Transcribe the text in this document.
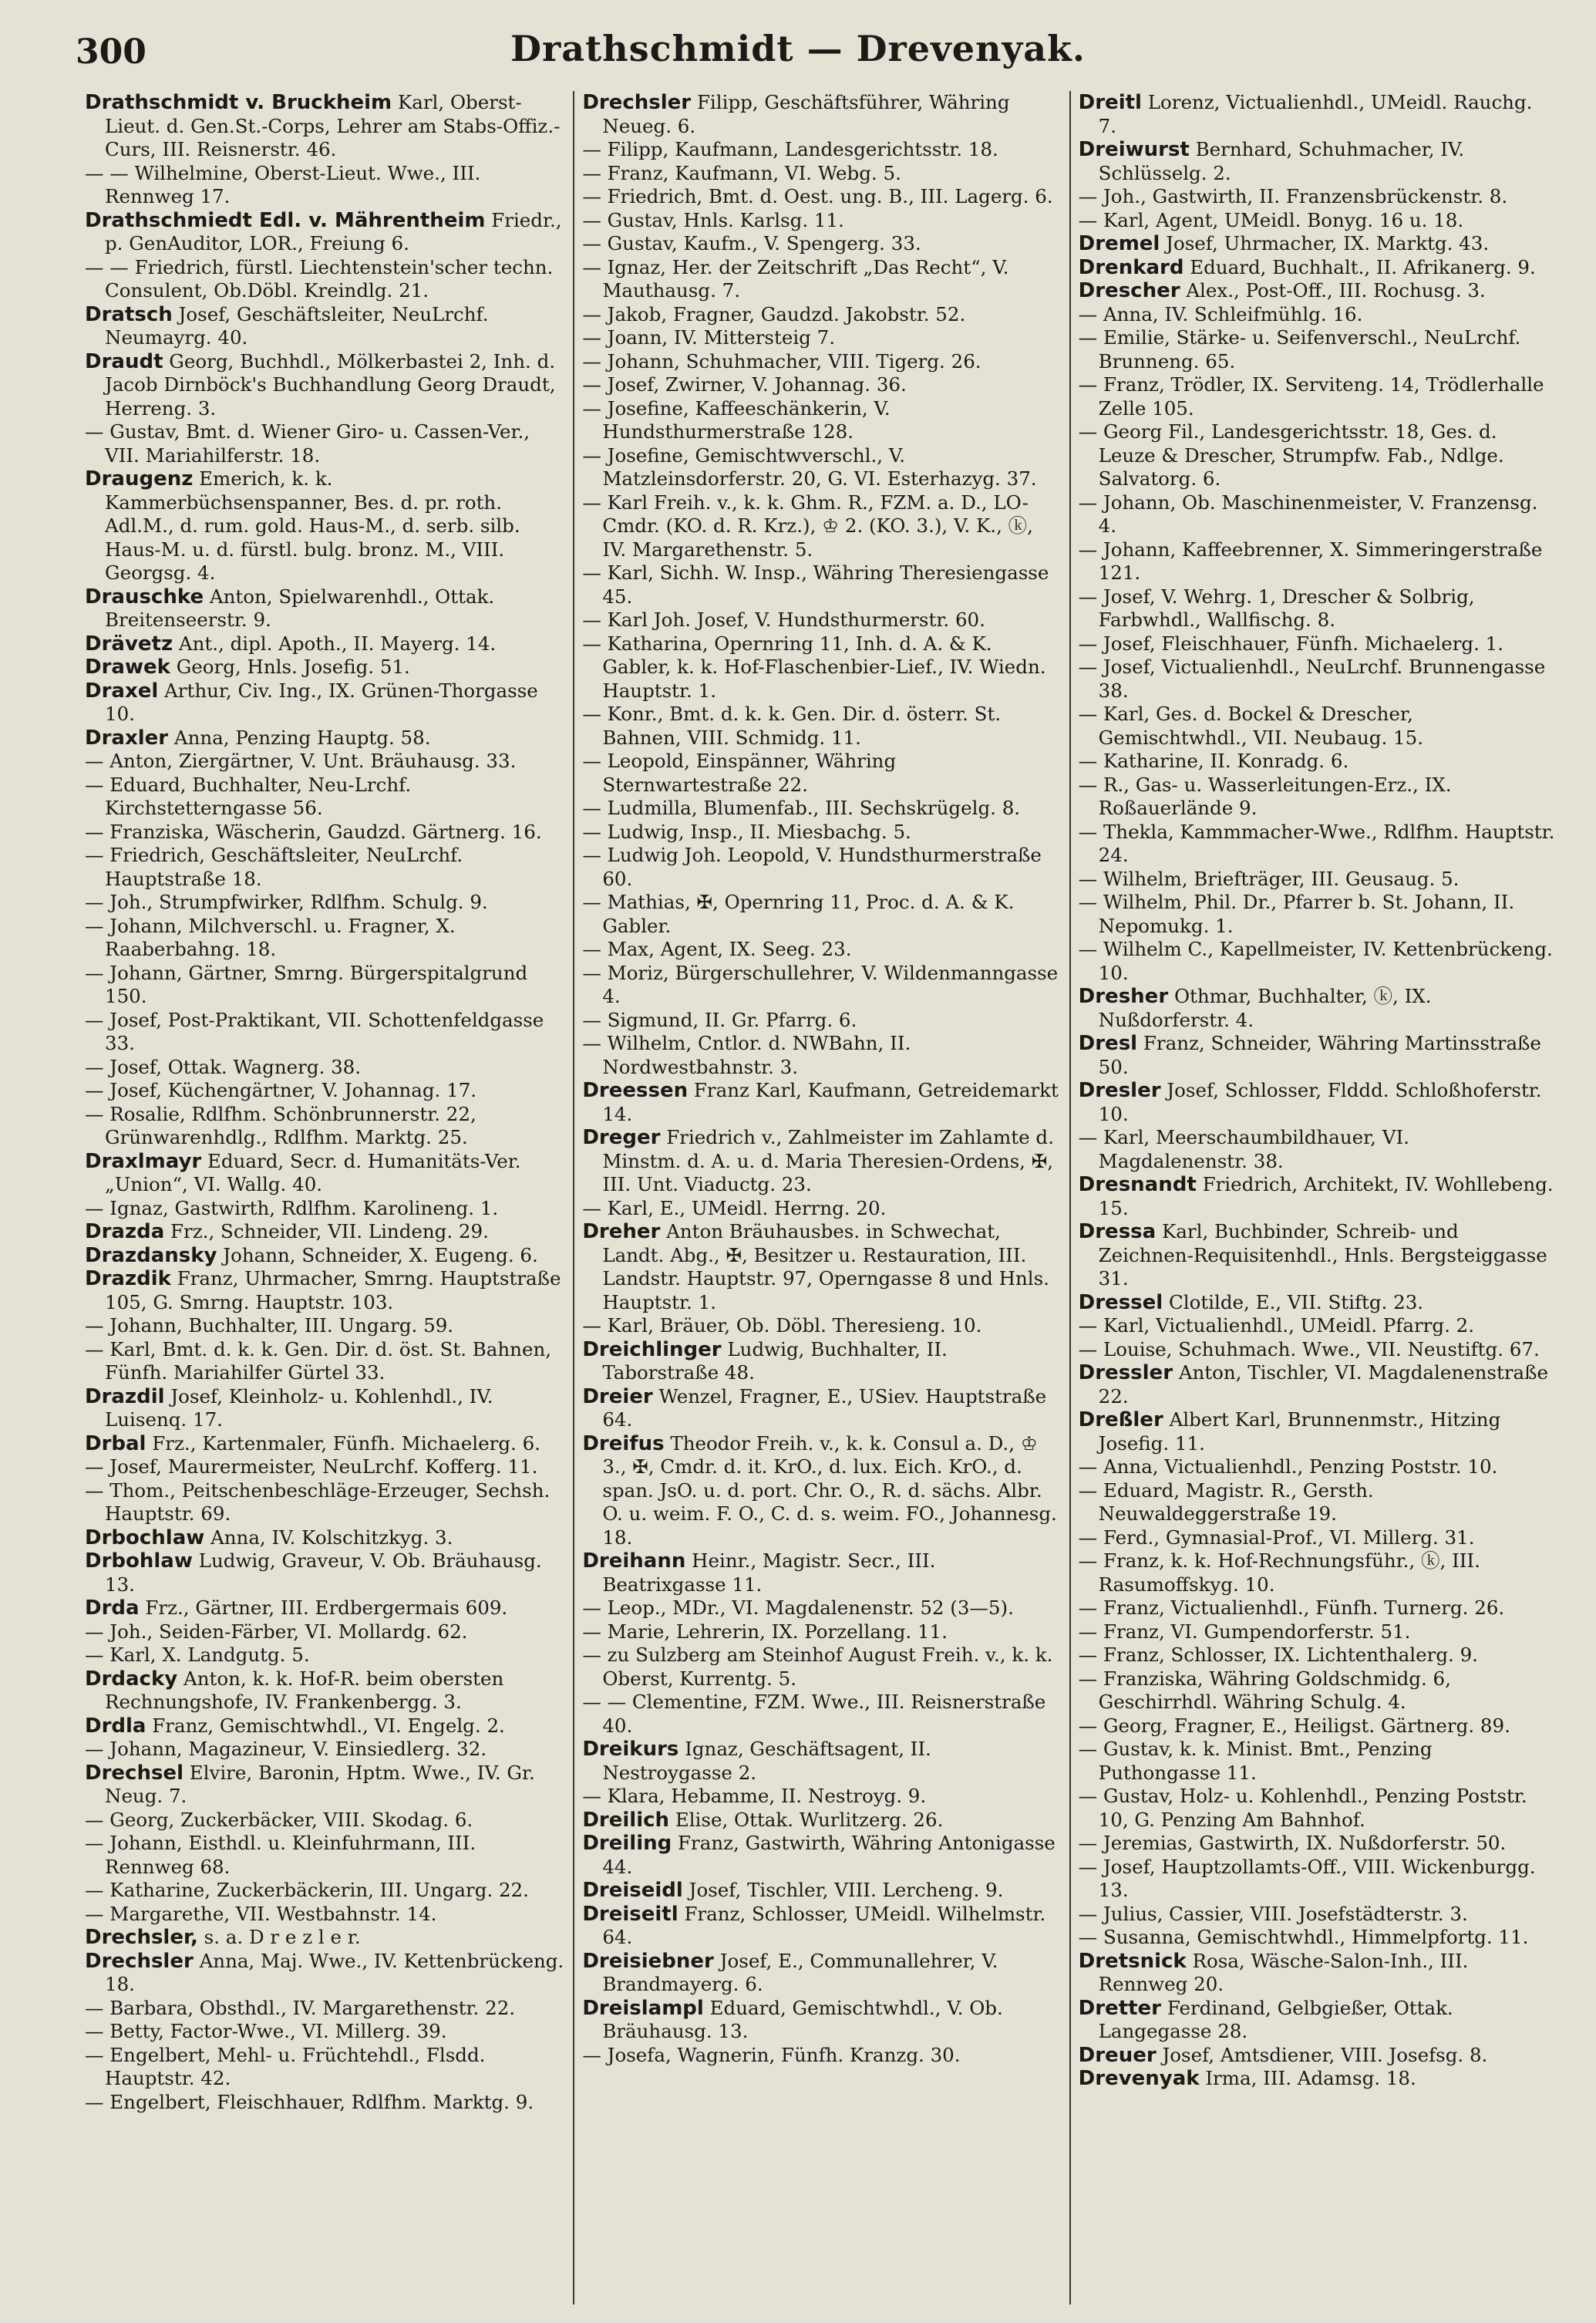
300	Drathschmidt — Drevenyak.

Drathschmidt v. Bruckheim Karl, Oberst-Lieut. d. Gen.St.-Corps, Lehrer am Stabs-Offiz.-Curs, III. Reisnerstr. 46.

— — Wilhelmine, Oberst-Lieut. Wwe., III. Rennweg 17.

Drathschmiedt Edl. v. Mährentheim Friedr., p. GenAuditor, LOR., Freiung 6.

— — Friedrich, fürstl. Liechtenstein'scher techn. Consulent, Ob.Döbl. Kreindlg. 21.

Dratsch Josef, Geschäftsleiter, NeuLrchf. Neumayrg. 40.

Draudt Georg, Buchhdl., Mölkerbastei 2, Inh. d. Jacob Dirnböck's Buchhandlung Georg Draudt, Herreng. 3.

— Gustav, Bmt. d. Wiener Giro- u. Cassen-Ver., VII. Mariahilferstr. 18.

Draugenz Emerich, k. k. Kammerbüchsenspanner, Bes. d. pr. roth. Adl.M., d. rum. gold. Haus-M., d. serb. silb. Haus-M. u. d. fürstl. bulg. bronz. M., VIII. Georgsg. 4.

Drauschke Anton, Spielwarenhdl., Ottak. Breitenseerstr. 9.

Drävetz Ant., dipl. Apoth., II. Mayerg. 14.

Drawek Georg, Hnls. Josefig. 51.

Draxel Arthur, Civ. Ing., IX. Grünen-Thorgasse 10.

Draxler Anna, Penzing Hauptg. 58.

— Anton, Ziergärtner, V. Unt. Bräuhausg. 33.

— Eduard, Buchhalter, Neu-Lrchf. Kirchstetterngasse 56.

— Franziska, Wäscherin, Gaudzd. Gärtnerg. 16.

— Friedrich, Geschäftsleiter, NeuLrchf. Hauptstraße 18.

— Joh., Strumpfwirker, Rdlfhm. Schulg. 9.

— Johann, Milchverschl. u. Fragner, X. Raaberbahng. 18.

— Johann, Gärtner, Smrng. Bürgerspitalgrund 150.

— Josef, Post-Praktikant, VII. Schottenfeldgasse 33.

— Josef, Ottak. Wagnerg. 38.

— Josef, Küchengärtner, V. Johannag. 17.

— Rosalie, Rdlfhm. Schönbrunnerstr. 22, Grünwarenhdlg., Rdlfhm. Marktg. 25.

Draxlmayr Eduard, Secr. d. Humanitäts-Ver. „Union“, VI. Wallg. 40.

— Ignaz, Gastwirth, Rdlfhm. Karolineng. 1.

Drazda Frz., Schneider, VII. Lindeng. 29.

Drazdansky Johann, Schneider, X. Eugeng. 6.

Drazdik Franz, Uhrmacher, Smrng. Hauptstraße 105, G. Smrng. Hauptstr. 103.

— Johann, Buchhalter, III. Ungarg. 59.

— Karl, Bmt. d. k. k. Gen. Dir. d. öst. St. Bahnen, Fünfh. Mariahilfer Gürtel 33.

Drazdil Josef, Kleinholz- u. Kohlenhdl., IV. Luisenq. 17.

Drbal Frz., Kartenmaler, Fünfh. Michaelerg. 6.

— Josef, Maurermeister, NeuLrchf. Kofferg. 11.

— Thom., Peitschenbeschläge-Erzeuger, Sechsh. Hauptstr. 69.

Drbochlaw Anna, IV. Kolschitzkyg. 3.

Drbohlaw Ludwig, Graveur, V. Ob. Bräuhausg. 13.

Drda Frz., Gärtner, III. Erdbergermais 609.

— Joh., Seiden-Färber, VI. Mollardg. 62.

— Karl, X. Landgutg. 5.

Drdacky Anton, k. k. Hof-R. beim obersten Rechnungshofe, IV. Frankenbergg. 3.

Drdla Franz, Gemischtwhdl., VI. Engelg. 2.

— Johann, Magazineur, V. Einsiedlerg. 32.

Drechsel Elvire, Baronin, Hptm. Wwe., IV. Gr. Neug. 7.

— Georg, Zuckerbäcker, VIII. Skodag. 6.

— Johann, Eisthdl. u. Kleinfuhrmann, III. Rennweg 68.

— Katharine, Zuckerbäckerin, III. Ungarg. 22.

— Margarethe, VII. Westbahnstr. 14.

Drechsler, s. a. D r e z l e r.

Drechsler Anna, Maj. Wwe., IV. Kettenbrückeng. 18.

— Barbara, Obsthdl., IV. Margarethenstr. 22.

— Betty, Factor-Wwe., VI. Millerg. 39.

— Engelbert, Mehl- u. Früchtehdl., Flsdd. Hauptstr. 42.

— Engelbert, Fleischhauer, Rdlfhm. Marktg. 9.

Drechsler Filipp, Geschäftsführer, Währing Neueg. 6.

— Filipp, Kaufmann, Landesgerichtsstr. 18.

— Franz, Kaufmann, VI. Webg. 5.

— Friedrich, Bmt. d. Oest. ung. B., III. Lagerg. 6.

— Gustav, Hnls. Karlsg. 11.

— Gustav, Kaufm., V. Spengerg. 33.

— Ignaz, Her. der Zeitschrift „Das Recht“, V. Mauthausg. 7.

— Jakob, Fragner, Gaudzd. Jakobstr. 52.

— Joann, IV. Mittersteig 7.

— Johann, Schuhmacher, VIII. Tigerg. 26.

— Josef, Zwirner, V. Johannag. 36.

— Josefine, Kaffeeschänkerin, V. Hundsthurmerstraße 128.

— Josefine, Gemischtwverschl., V. Matzleinsdorferstr. 20, G. VI. Esterhazyg. 37.

— Karl Freih. v., k. k. Ghm. R., FZM. a. D., LO-Cmdr. (KO. d. R. Krz.), ♔ 2. (KO. 3.), V. K., ⓚ, IV. Margarethenstr. 5.

— Karl, Sichh. W. Insp., Währing Theresiengasse 45.

— Karl Joh. Josef, V. Hundsthurmerstr. 60.

— Katharina, Opernring 11, Inh. d. A. & K. Gabler, k. k. Hof-Flaschenbier-Lief., IV. Wiedn. Hauptstr. 1.

— Konr., Bmt. d. k. k. Gen. Dir. d. österr. St. Bahnen, VIII. Schmidg. 11.

— Leopold, Einspänner, Währing Sternwartestraße 22.

— Ludmilla, Blumenfab., III. Sechskrügelg. 8.

— Ludwig, Insp., II. Miesbachg. 5.

— Ludwig Joh. Leopold, V. Hundsthurmerstraße 60.

— Mathias, ✠, Opernring 11, Proc. d. A. & K. Gabler.

— Max, Agent, IX. Seeg. 23.

— Moriz, Bürgerschullehrer, V. Wildenmanngasse 4.

— Sigmund, II. Gr. Pfarrg. 6.

— Wilhelm, Cntlor. d. NWBahn, II. Nordwestbahnstr. 3.

Dreessen Franz Karl, Kaufmann, Getreidemarkt 14.

Dreger Friedrich v., Zahlmeister im Zahlamte d. Minstm. d. A. u. d. Maria Theresien-Ordens, ✠, III. Unt. Viaductg. 23.

— Karl, E., UMeidl. Herrng. 20.

Dreher Anton Bräuhausbes. in Schwechat, Landt. Abg., ✠, Besitzer u. Restauration, III. Landstr. Hauptstr. 97, Operngasse 8 und Hnls. Hauptstr. 1.

— Karl, Bräuer, Ob. Döbl. Theresieng. 10.

Dreichlinger Ludwig, Buchhalter, II. Taborstraße 48.

Dreier Wenzel, Fragner, E., USiev. Hauptstraße 64.

Dreifus Theodor Freih. v., k. k. Consul a. D., ♔ 3., ✠, Cmdr. d. it. KrO., d. lux. Eich. KrO., d. span. JsO. u. d. port. Chr. O., R. d. sächs. Albr. O. u. weim. F. O., C. d. s. weim. FO., Johannesg. 18.

Dreihann Heinr., Magistr. Secr., III. Beatrixgasse 11.

— Leop., MDr., VI. Magdalenenstr. 52 (3—5).

— Marie, Lehrerin, IX. Porzellang. 11.

— zu Sulzberg am Steinhof August Freih. v., k. k. Oberst, Kurrentg. 5.

— — Clementine, FZM. Wwe., III. Reisnerstraße 40.

Dreikurs Ignaz, Geschäftsagent, II. Nestroygasse 2.

— Klara, Hebamme, II. Nestroyg. 9.

Dreilich Elise, Ottak. Wurlitzerg. 26.

Dreiling Franz, Gastwirth, Währing Antonigasse 44.

Dreiseidl Josef, Tischler, VIII. Lercheng. 9.

Dreiseitl Franz, Schlosser, UMeidl. Wilhelmstr. 64.

Dreisiebner Josef, E., Communallehrer, V. Brandmayerg. 6.

Dreislampl Eduard, Gemischtwhdl., V. Ob. Bräuhausg. 13.

— Josefa, Wagnerin, Fünfh. Kranzg. 30.

Dreitl Lorenz, Victualienhdl., UMeidl. Rauchg. 7.

Dreiwurst Bernhard, Schuhmacher, IV. Schlüsselg. 2.

— Joh., Gastwirth, II. Franzensbrückenstr. 8.

— Karl, Agent, UMeidl. Bonyg. 16 u. 18.

Dremel Josef, Uhrmacher, IX. Marktg. 43.

Drenkard Eduard, Buchhalt., II. Afrikanerg. 9.

Drescher Alex., Post-Off., III. Rochusg. 3.

— Anna, IV. Schleifmühlg. 16.

— Emilie, Stärke- u. Seifenverschl., NeuLrchf. Brunneng. 65.

— Franz, Trödler, IX. Serviteng. 14, Trödlerhalle Zelle 105.

— Georg Fil., Landesgerichtsstr. 18, Ges. d. Leuze & Drescher, Strumpfw. Fab., Ndlge. Salvatorg. 6.

— Johann, Ob. Maschinenmeister, V. Franzensg. 4.

— Johann, Kaffeebrenner, X. Simmeringerstraße 121.

— Josef, V. Wehrg. 1, Drescher & Solbrig, Farbwhdl., Wallfischg. 8.

— Josef, Fleischhauer, Fünfh. Michaelerg. 1.

— Josef, Victualienhdl., NeuLrchf. Brunnengasse 38.

— Karl, Ges. d. Bockel & Drescher, Gemischtwhdl., VII. Neubaug. 15.

— Katharine, II. Konradg. 6.

— R., Gas- u. Wasserleitungen-Erz., IX. Roßauerlände 9.

— Thekla, Kammmacher-Wwe., Rdlfhm. Hauptstr. 24.

— Wilhelm, Briefträger, III. Geusaug. 5.

— Wilhelm, Phil. Dr., Pfarrer b. St. Johann, II. Nepomukg. 1.

— Wilhelm C., Kapellmeister, IV. Kettenbrückeng. 10.

Dresher Othmar, Buchhalter, ⓚ, IX. Nußdorferstr. 4.

Dresl Franz, Schneider, Währing Martinsstraße 50.

Dresler Josef, Schlosser, Flddd. Schloßhoferstr. 10.

— Karl, Meerschaumbildhauer, VI. Magdalenenstr. 38.

Dresnandt Friedrich, Architekt, IV. Wohllebeng. 15.

Dressa Karl, Buchbinder, Schreib- und Zeichnen-Requisitenhdl., Hnls. Bergsteiggasse 31.

Dressel Clotilde, E., VII. Stiftg. 23.

— Karl, Victualienhdl., UMeidl. Pfarrg. 2.

— Louise, Schuhmach. Wwe., VII. Neustiftg. 67.

Dressler Anton, Tischler, VI. Magdalenenstraße 22.

Dreßler Albert Karl, Brunnenmstr., Hitzing Josefig. 11.

— Anna, Victualienhdl., Penzing Poststr. 10.

— Eduard, Magistr. R., Gersth. Neuwaldeggerstraße 19.

— Ferd., Gymnasial-Prof., VI. Millerg. 31.

— Franz, k. k. Hof-Rechnungsführ., ⓚ, III. Rasumoffskyg. 10.

— Franz, Victualienhdl., Fünfh. Turnerg. 26.

— Franz, VI. Gumpendorferstr. 51.

— Franz, Schlosser, IX. Lichtenthalerg. 9.

— Franziska, Währing Goldschmidg. 6, Geschirrhdl. Währing Schulg. 4.

— Georg, Fragner, E., Heiligst. Gärtnerg. 89.

— Gustav, k. k. Minist. Bmt., Penzing Puthongasse 11.

— Gustav, Holz- u. Kohlenhdl., Penzing Poststr. 10, G. Penzing Am Bahnhof.

— Jeremias, Gastwirth, IX. Nußdorferstr. 50.

— Josef, Hauptzollamts-Off., VIII. Wickenburgg. 13.

— Julius, Cassier, VIII. Josefstädterstr. 3.

— Susanna, Gemischtwhdl., Himmelpfortg. 11.

Dretsnick Rosa, Wäsche-Salon-Inh., III. Rennweg 20.

Dretter Ferdinand, Gelbgießer, Ottak. Langegasse 28.

Dreuer Josef, Amtsdiener, VIII. Josefsg. 8.

Drevenyak Irma, III. Adamsg. 18.
